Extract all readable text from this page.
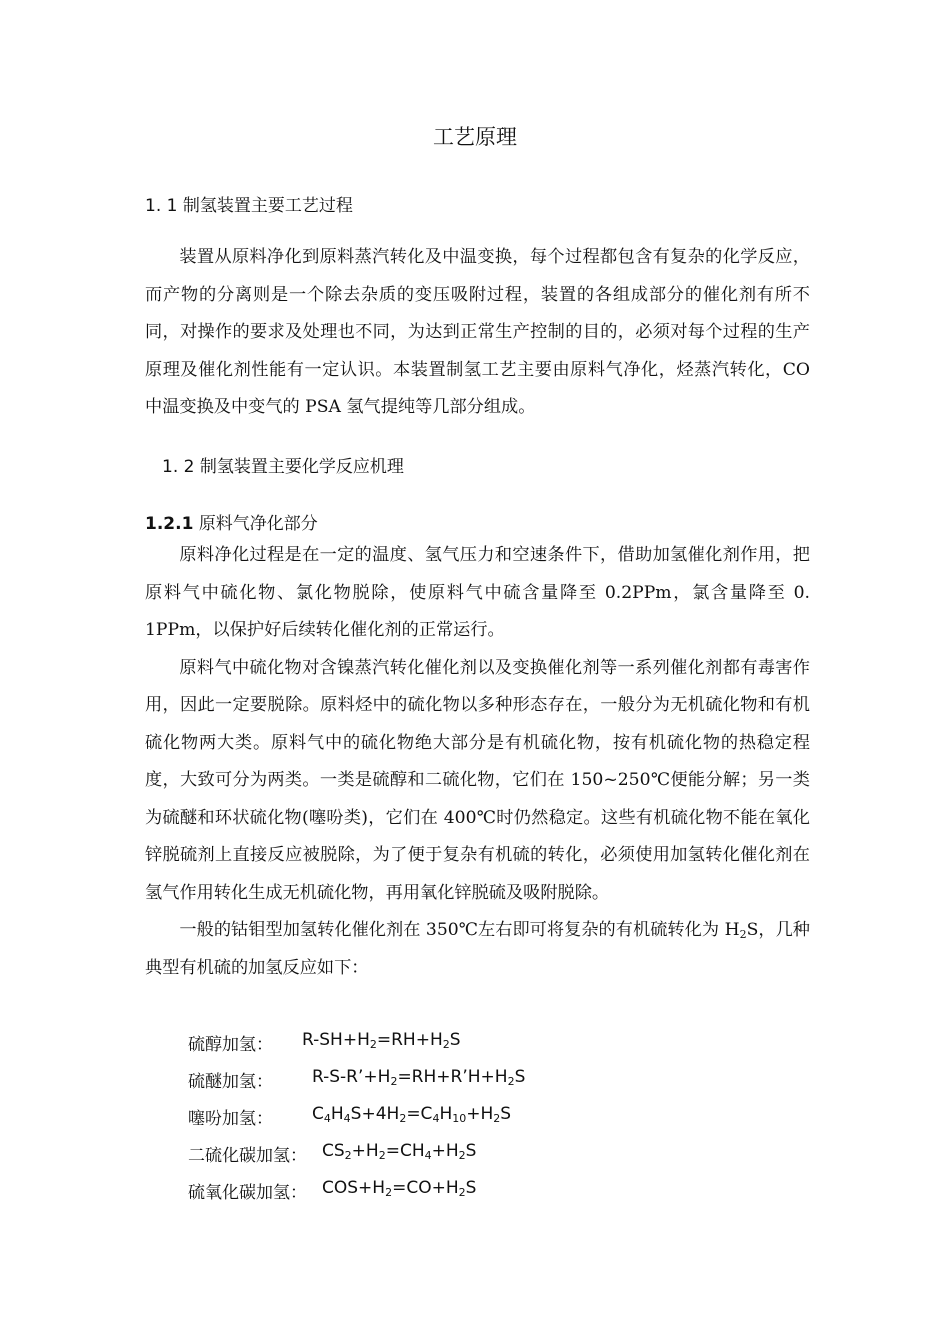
工艺原理
1. 1 制氢装置主要工艺过程

装置从原料净化到原料蒸汽转化及中温变换，每个过程都包含有复杂的化学反应，而产物的分离则是一个除去杂质的变压吸附过程，装置的各组成部分的催化剂有所不同，对操作的要求及处理也不同，为达到正常生产控制的目的，必须对每个过程的生产原理及催化剂性能有一定认识。本装置制氢工艺主要由原料气净化，烃蒸汽转化，CO 中温变换及中变气的 PSA 氢气提纯等几部分组成。

1. 2 制氢装置主要化学反应机理
1.2.1 原料气净化部分

原料净化过程是在一定的温度、氢气压力和空速条件下，借助加氢催化剂作用，把原料气中硫化物、氯化物脱除，使原料气中硫含量降至 0.2PPm，氯含量降至 0. 1PPm，以保护好后续转化催化剂的正常运行。

原料气中硫化物对含镍蒸汽转化催化剂以及变换催化剂等一系列催化剂都有毒害作用，因此一定要脱除。原料烃中的硫化物以多种形态存在，一般分为无机硫化物和有机硫化物两大类。原料气中的硫化物绝大部分是有机硫化物，按有机硫化物的热稳定程度，大致可分为两类。一类是硫醇和二硫化物，它们在 150~250℃便能分解；另一类为硫醚和环状硫化物(噻吩类)，它们在 400℃时仍然稳定。这些有机硫化物不能在氧化锌脱硫剂上直接反应被脱除，为了便于复杂有机硫的转化，必须使用加氢转化催化剂在氢气作用转化生成无机硫化物，再用氧化锌脱硫及吸附脱除。

一般的钴钼型加氢转化催化剂在 350℃左右即可将复杂的有机硫转化为 $H_2S$，几种典型有机硫的加氢反应如下：

硫醇加氢： $R-SH+H_2=RH+H_2S$
硫醚加氢： $R-S-R’+H_2=RH+R’H+H_2S$
噻吩加氢： $C_4H_4S+4H_2=C_4H_{10}+H_2S$
二硫化碳加氢： $CS_2+H_2=CH_4+H_2S$
硫氧化碳加氢： $COS+H_2=CO+H_2S$
